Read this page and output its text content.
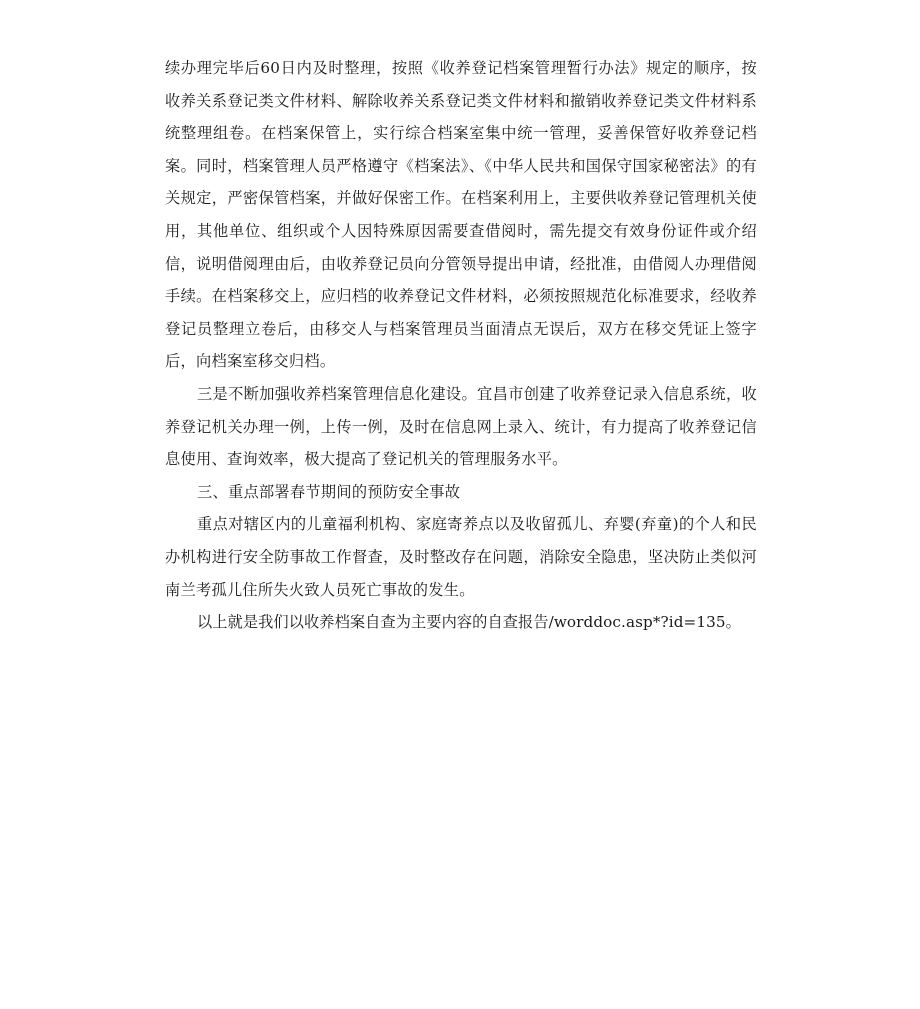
续办理完毕后60日内及时整理，按照《收养登记档案管理暂行办法》规定的顺序，按收养关系登记类文件材料、解除收养关系登记类文件材料和撤销收养登记类文件材料系统整理组卷。在档案保管上，实行综合档案室集中统一管理，妥善保管好收养登记档案。同时，档案管理人员严格遵守《档案法》、《中华人民共和国保守国家秘密法》的有关规定，严密保管档案，并做好保密工作。在档案利用上，主要供收养登记管理机关使用，其他单位、组织或个人因特殊原因需要查借阅时，需先提交有效身份证件或介绍信，说明借阅理由后，由收养登记员向分管领导提出申请，经批准，由借阅人办理借阅手续。在档案移交上，应归档的收养登记文件材料，必须按照规范化标准要求，经收养登记员整理立卷后，由移交人与档案管理员当面清点无误后，双方在移交凭证上签字后，向档案室移交归档。

三是不断加强收养档案管理信息化建设。宜昌市创建了收养登记录入信息系统，收养登记机关办理一例，上传一例，及时在信息网上录入、统计，有力提高了收养登记信息使用、查询效率，极大提高了登记机关的管理服务水平。

三、重点部署春节期间的预防安全事故

重点对辖区内的儿童福利机构、家庭寄养点以及收留孤儿、弃婴(弃童)的个人和民办机构进行安全防事故工作督查，及时整改存在问题，消除安全隐患，坚决防止类似河南兰考孤儿住所失火致人员死亡事故的发生。

以上就是我们以收养档案自查为主要内容的自查报告/worddoc.asp*?id=135。
